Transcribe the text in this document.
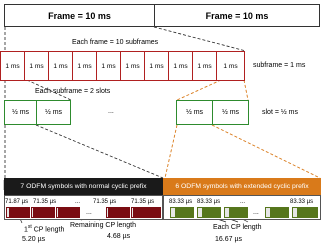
Frame = 10 ms	Frame = 10 ms
Each frame = 10 subframes
1 ms 1 ms 1 ms 1 ms 1 ms 1 ms 1 ms 1 ms 1 ms 1 ms subframe = 1 ms
Each subframe = 2 slots
½ ms ½ ms	...	½ ms	½ ms	slot = ½ ms
7 ODFM symbols with normal cyclic prefix
71.87 µs 71.35 µs	... 71.35 µs 71.35 µs
...
6 ODFM symbols with extended cyclic prefix
83.33 µs 83.33 µs	...	83.33 µs
...
1st CP length
5.20 µs
Remaining CP length
4.68 µs
Each CP length
16.67 µs
